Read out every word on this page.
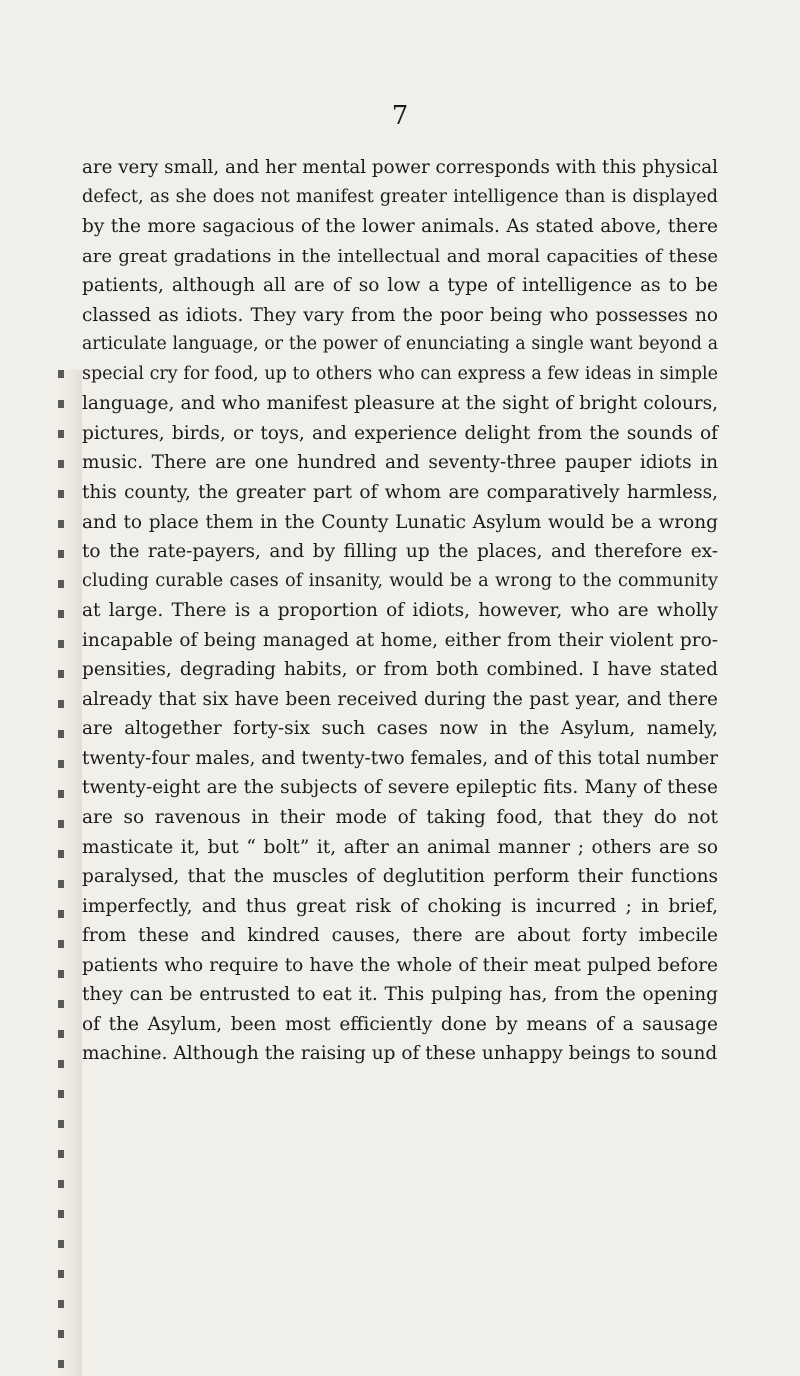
7
are very small, and her mental power corresponds with this physical
defect, as she does not manifest greater intelligence than is displayed
by the more sagacious of the lower animals. As stated above, there
are great gradations in the intellectual and moral capacities of these
patients, although all are of so low a type of intelligence as to be
classed as idiots. They vary from the poor being who possesses no
articulate language, or the power of enunciating a single want beyond a
special cry for food, up to others who can express a few ideas in simple
language, and who manifest pleasure at the sight of bright colours,
pictures, birds, or toys, and experience delight from the sounds of
music. There are one hundred and seventy-three pauper idiots in
this county, the greater part of whom are comparatively harmless,
and to place them in the County Lunatic Asylum would be a wrong
to the rate-payers, and by filling up the places, and therefore ex-
cluding curable cases of insanity, would be a wrong to the community
at large. There is a proportion of idiots, however, who are wholly
incapable of being managed at home, either from their violent pro-
pensities, degrading habits, or from both combined. I have stated
already that six have been received during the past year, and there
are altogether forty-six such cases now in the Asylum, namely,
twenty-four males, and twenty-two females, and of this total number
twenty-eight are the subjects of severe epileptic fits. Many of these
are so ravenous in their mode of taking food, that they do not
masticate it, but “ bolt” it, after an animal manner ; others are so
paralysed, that the muscles of deglutition perform their functions
imperfectly, and thus great risk of choking is incurred ; in brief,
from these and kindred causes, there are about forty imbecile
patients who require to have the whole of their meat pulped before
they can be entrusted to eat it. This pulping has, from the opening
of the Asylum, been most efficiently done by means of a sausage
machine. Although the raising up of these unhappy beings to sound
